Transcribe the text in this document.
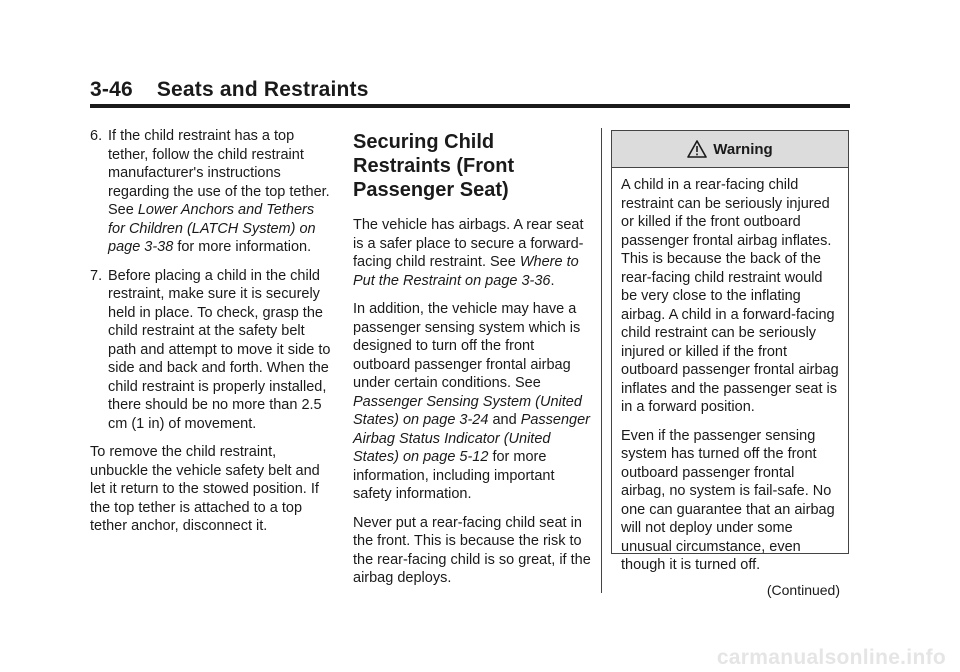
3-46 Seats and Restraints
6. If the child restraint has a top tether, follow the child restraint manufacturer's instructions regarding the use of the top tether. See Lower Anchors and Tethers for Children (LATCH System) on page 3-38 for more information.
7. Before placing a child in the child restraint, make sure it is securely held in place. To check, grasp the child restraint at the safety belt path and attempt to move it side to side and back and forth. When the child restraint is properly installed, there should be no more than 2.5 cm (1 in) of movement.

To remove the child restraint, unbuckle the vehicle safety belt and let it return to the stowed position. If the top tether is attached to a top tether anchor, disconnect it.

Securing Child Restraints (Front Passenger Seat)

The vehicle has airbags. A rear seat is a safer place to secure a forward-facing child restraint. See Where to Put the Restraint on page 3-36.

In addition, the vehicle may have a passenger sensing system which is designed to turn off the front outboard passenger frontal airbag under certain conditions. See Passenger Sensing System (United States) on page 3-24 and Passenger Airbag Status Indicator (United States) on page 5-12 for more information, including important safety information.

Never put a rear-facing child seat in the front. This is because the risk to the rear-facing child is so great, if the airbag deploys.

Warning

A child in a rear-facing child restraint can be seriously injured or killed if the front outboard passenger frontal airbag inflates. This is because the back of the rear-facing child restraint would be very close to the inflating airbag. A child in a forward-facing child restraint can be seriously injured or killed if the front outboard passenger frontal airbag inflates and the passenger seat is in a forward position.

Even if the passenger sensing system has turned off the front outboard passenger frontal airbag, no system is fail-safe. No one can guarantee that an airbag will not deploy under some unusual circumstance, even though it is turned off.

(Continued)
carmanualsonline.info
